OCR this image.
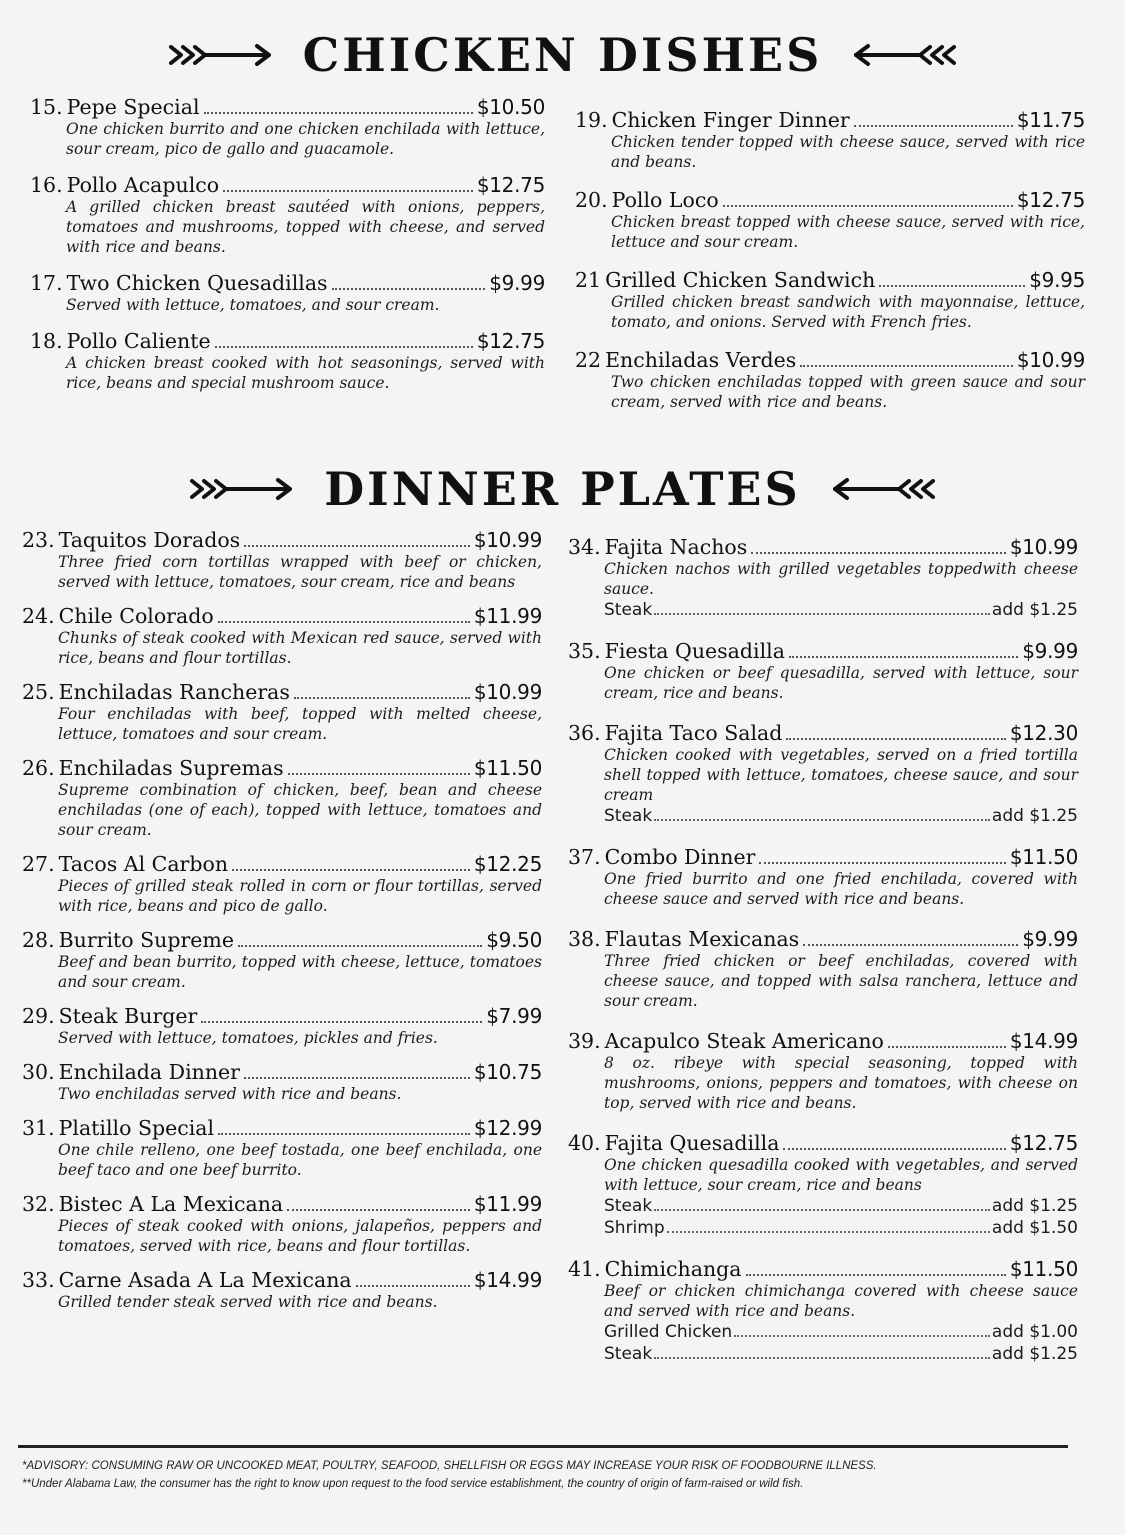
CHICKEN DISHES
15. Pepe Special	$10.50
One chicken burrito and one chicken enchilada with lettuce, sour cream, pico de gallo and guacamole.
16. Pollo Acapulco	$12.75
A grilled chicken breast sautéed with onions, peppers, tomatoes and mushrooms, topped with cheese, and served with rice and beans.
17. Two Chicken Quesadillas	$9.99
Served with lettuce, tomatoes, and sour cream.
18. Pollo Caliente	$12.75
A chicken breast cooked with hot seasonings, served with rice, beans and special mushroom sauce.
19. Chicken Finger Dinner	$11.75
Chicken tender topped with cheese sauce, served with rice and beans.
20. Pollo Loco	$12.75
Chicken breast topped with cheese sauce, served with rice, lettuce and sour cream.
21 Grilled Chicken Sandwich	$9.95
Grilled chicken breast sandwich with mayonnaise, lettuce, tomato, and onions. Served with French fries.
22 Enchiladas Verdes	$10.99
Two chicken enchiladas topped with green sauce and sour cream, served with rice and beans.
DINNER PLATES
23. Taquitos Dorados	$10.99
Three fried corn tortillas wrapped with beef or chicken, served with lettuce, tomatoes, sour cream, rice and beans
24. Chile Colorado	$11.99
Chunks of steak cooked with Mexican red sauce, served with rice, beans and flour tortillas.
25. Enchiladas Rancheras	$10.99
Four enchiladas with beef, topped with melted cheese, lettuce, tomatoes and sour cream.
26. Enchiladas Supremas	$11.50
Supreme combination of chicken, beef, bean and cheese enchiladas (one of each), topped with lettuce, tomatoes and sour cream.
27. Tacos Al Carbon	$12.25
Pieces of grilled steak rolled in corn or flour tortillas, served with rice, beans and pico de gallo.
28. Burrito Supreme	$9.50
Beef and bean burrito, topped with cheese, lettuce, tomatoes and sour cream.
29. Steak Burger	$7.99
Served with lettuce, tomatoes, pickles and fries.
30. Enchilada Dinner	$10.75
Two enchiladas served with rice and beans.
31. Platillo Special	$12.99
One chile relleno, one beef tostada, one beef enchilada, one beef taco and one beef burrito.
32. Bistec A La Mexicana	$11.99
Pieces of steak cooked with onions, jalapeños, peppers and tomatoes, served with rice, beans and flour tortillas.
33. Carne Asada A La Mexicana	$14.99
Grilled tender steak served with rice and beans.
34. Fajita Nachos	$10.99
Chicken nachos with grilled vegetables toppedwith cheese sauce.
Steak	add $1.25
35. Fiesta Quesadilla	$9.99
One chicken or beef quesadilla, served with lettuce, sour cream, rice and beans.
36. Fajita Taco Salad	$12.30
Chicken cooked with vegetables, served on a fried tortilla shell topped with lettuce, tomatoes, cheese sauce, and sour cream
Steak	add $1.25
37. Combo Dinner	$11.50
One fried burrito and one fried enchilada, covered with cheese sauce and served with rice and beans.
38. Flautas Mexicanas	$9.99
Three fried chicken or beef enchiladas, covered with cheese sauce, and topped with salsa ranchera, lettuce and sour cream.
39. Acapulco Steak Americano	$14.99
8 oz. ribeye with special seasoning, topped with mushrooms, onions, peppers and tomatoes, with cheese on top, served with rice and beans.
40. Fajita Quesadilla	$12.75
One chicken quesadilla cooked with vegetables, and served with lettuce, sour cream, rice and beans
Steak	add $1.25
Shrimp	add $1.50
41. Chimichanga	$11.50
Beef or chicken chimichanga covered with cheese sauce and served with rice and beans.
Grilled Chicken	add $1.00
Steak	add $1.25
*ADVISORY: CONSUMING RAW OR UNCOOKED MEAT, POULTRY, SEAFOOD, SHELLFISH OR EGGS MAY INCREASE YOUR RISK OF FOODBOURNE ILLNESS.
**Under Alabama Law, the consumer has the right to know upon request to the food service establishment, the country of origin of farm-raised or wild fish.
